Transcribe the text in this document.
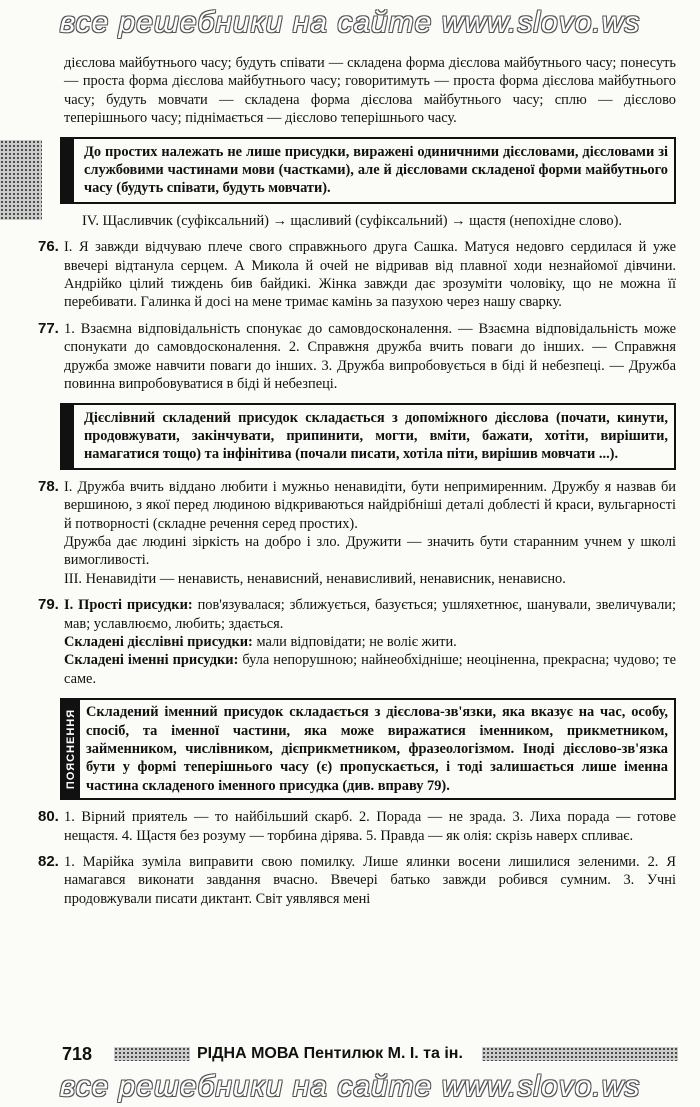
все решебники на сайте www.slovo.ws

дієслова майбутнього часу; будуть співати — складена форма дієслова майбутнього часу; понесуть — проста форма дієслова майбутнього часу; говоритимуть — проста форма дієслова майбутнього часу; будуть мовчати — складена форма дієслова майбутнього часу; сплю — дієслово теперішнього часу; піднімається — дієслово теперішнього часу.

До простих належать не лише присудки, виражені одиничними дієсловами, дієсловами зі службовими частинами мови (частками), але й дієсловами складеної форми майбутнього часу (будуть співати, будуть мовчати).

IV. Щасливчик (суфіксальний) → щасливий (суфіксальний) → щастя (непохідне слово).

76. I. Я завжди відчуваю плече свого справжнього друга Сашка. Матуся недовго сердилася й уже ввечері відтанула серцем. А Микола й очей не відривав від плавної ходи незнайомої дівчини. Андрійко цілий тиждень бив байдикі. Жінка завжди дає зрозуміти чоловіку, що не можна її перебивати. Галинка й досі на мене тримає камінь за пазухою через нашу сварку.

77. 1. Взаємна відповідальність спонукає до самовдосконалення. — Взаємна відповідальність може спонукати до самовдосконалення. 2. Справжня дружба вчить поваги до інших. — Справжня дружба зможе навчити поваги до інших. 3. Дружба випробовується в біді й небезпеці. — Дружба повинна випробовуватися в біді й небезпеці.

Дієслівний складений присудок складається з допоміжного дієслова (почати, кинути, продовжувати, закінчувати, припинити, могти, вміти, бажати, хотіти, вирішити, намагатися тощо) та інфінітива (почали писати, хотіла піти, вирішив мовчати ...).
78. I. Дружба вчить віддано любити і мужньо ненавидіти, бути непримиренним. Дружбу я назвав би вершиною, з якої перед людиною відкриваються найдрібніші деталі доблесті й краси, вульгарності й потворності (складне речення серед простих).

Дружба дає людині зіркість на добро і зло. Дружити — значить бути старанним учнем у школі вимогливості.

III. Ненавидіти — ненависть, ненависний, ненависливий, ненависник, ненависно.

79. I. Прості присудки: пов'язувалася; зближується, базується; ушляхетнює, шанували, звеличували; мав; уславлюємо, любить; здається.

Складені дієслівні присудки: мали відповідати; не воліє жити.

Складені іменні присудки: була непорушною; найнеобхідніше; неоціненна, прекрасна; чудово; те саме.

ПОЯСНЕННЯ Складений іменний присудок складається з дієслова-зв'язки, яка вказує на час, особу, спосіб, та іменної частини, яка може виражатися іменником, прикметником, займенником, числівником, дієприкметником, фразеологізмом. Іноді дієслово-зв'язка бути у формі теперішнього часу (є) пропускається, і тоді залишається лише іменна частина складеного іменного присудка (див. вправу 79).
80. 1. Вірний приятель — то найбільший скарб. 2. Порада — не зрада. 3. Лиха порада — готове нещастя. 4. Щастя без розуму — торбина дірява. 5. Правда — як олія: скрізь наверх спливає.

82. 1. Марійка зуміла виправити свою помилку. Лише ялинки восени лишилися зеленими. 2. Я намагався виконати завдання вчасно. Ввечері батько завжди робився сумним. 3. Учні продовжували писати диктант. Світ уявлявся мені

718	РІДНА МОВА Пентилюк М. І. та ін.
все решебники на сайте www.slovo.ws
